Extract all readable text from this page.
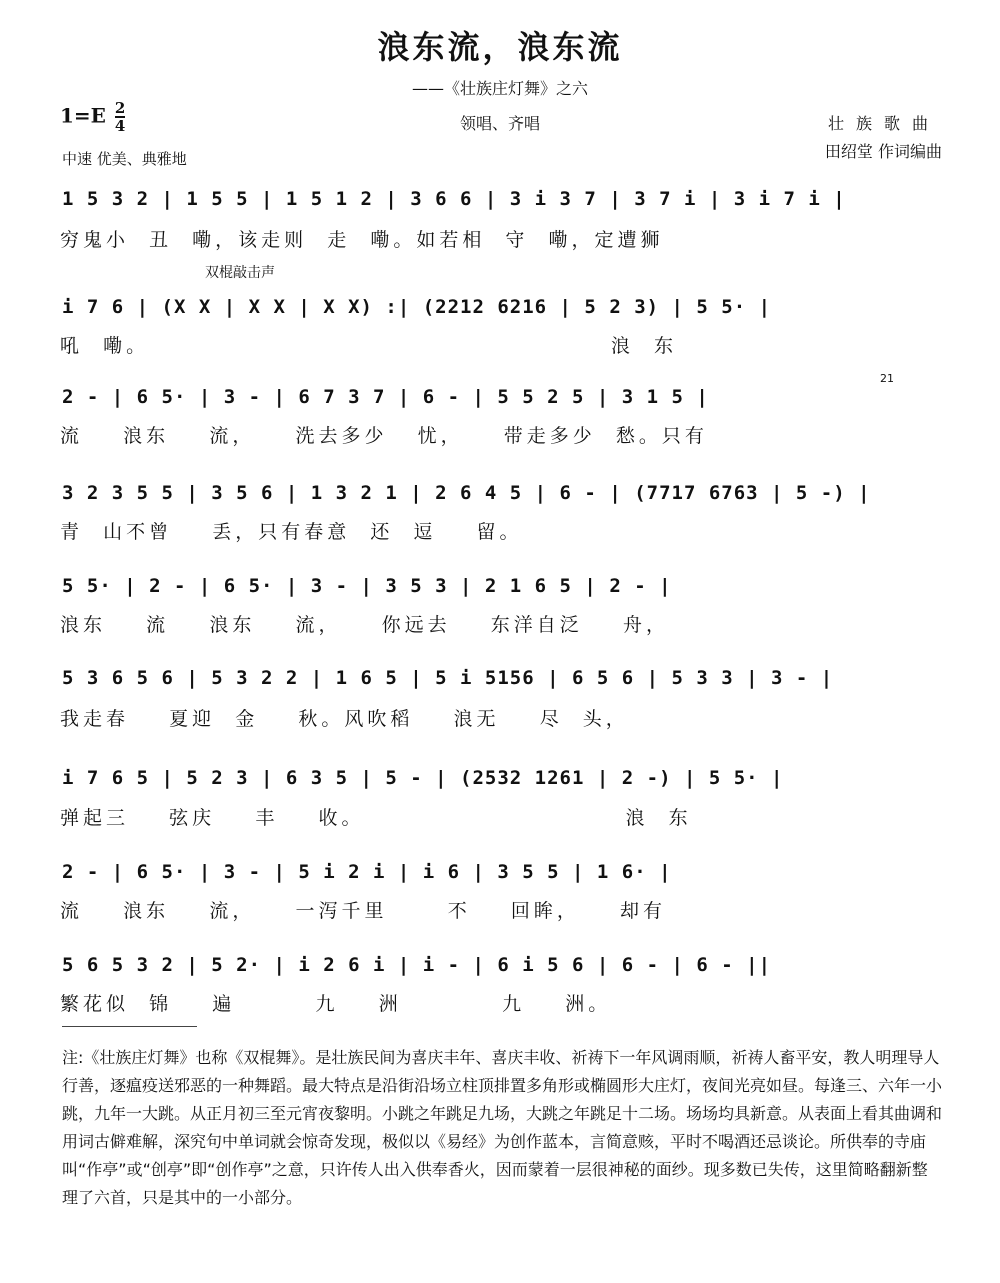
浪东流，浪东流
——《壮族庄灯舞》之六
$1=E \frac{2}{4}$
中速 优美、典雅地
领唱、齐唱	壮族歌曲
田绍堂 作词编曲
双棍敲击声
21
1 5 3 2 | 1 5 5 | 1 5 1 2 | 3 6 6 | 3 i 3 7 | 3 7 i | 3 i 7 i |
穷鬼小  丑  嘞，该走则  走  嘞。如若相  守  嘞，定遭狮
i 7 6 | (X X | X X | X X) :| (2212 6216 | 5 2 3) | 5 5· |
吼  嘞。                                              浪  东
2 - | 6 5· | 3 - | 6 7 3 7 | 6 - | 5 5 2 5 | 3 1 5 |
流    浪东    流，    洗去多少   忧，    带走多少  愁。只有
3 2 3 5 5 | 3 5 6 | 1 3 2 1 | 2 6 4 5 | 6 - | (7717 6763 | 5 -) |
青  山不曾    丢，只有春意  还  逗    留。
5 5· | 2 - | 6 5· | 3 - | 3 5 3 | 2 1 6 5 | 2 - |
浪东    流    浪东    流，    你远去    东洋自泛    舟，
5 3 6 5 6 | 5 3 2 2 | 1 6 5 | 5 i 5156 | 6 5 6 | 5 3 3 | 3 - |
我走春    夏迎  金    秋。风吹稻    浪无    尽  头，
i 7 6 5 | 5 2 3 | 6 3 5 | 5 - | (2532 1261 | 2 -) | 5 5· |
弹起三    弦庆    丰    收。                          浪  东
2 - | 6 5· | 3 - | 5 i 2 i | i 6 | 3 5 5 | 1 6· |
流    浪东    流，    一泻千里      不    回眸，    却有
5 6 5 3 2 | 5 2· | i 2 6 i | i - | 6 i 5 6 | 6 - | 6 - ||
繁花似  锦    遍        九    洲          九    洲。
注:《壮族庄灯舞》也称《双棍舞》。是壮族民间为喜庆丰年、喜庆丰收、祈祷下一年风调雨顺，祈祷人畜平安，教人明理导人行善，逐瘟疫送邪恶的一种舞蹈。最大特点是沿街沿场立柱顶排置多角形或椭圆形大庄灯，夜间光亮如昼。每逢三、六年一小跳，九年一大跳。从正月初三至元宵夜黎明。小跳之年跳足九场，大跳之年跳足十二场。场场均具新意。从表面上看其曲调和用词古僻难解，深究句中单词就会惊奇发现，极似以《易经》为创作蓝本，言简意赅，平时不喝酒还忌谈论。所供奉的寺庙叫“作亭”或“创亭”即“创作亭”之意，只许传人出入供奉香火，因而蒙着一层很神秘的面纱。现多数已失传，这里简略翻新整理了六首，只是其中的一小部分。
